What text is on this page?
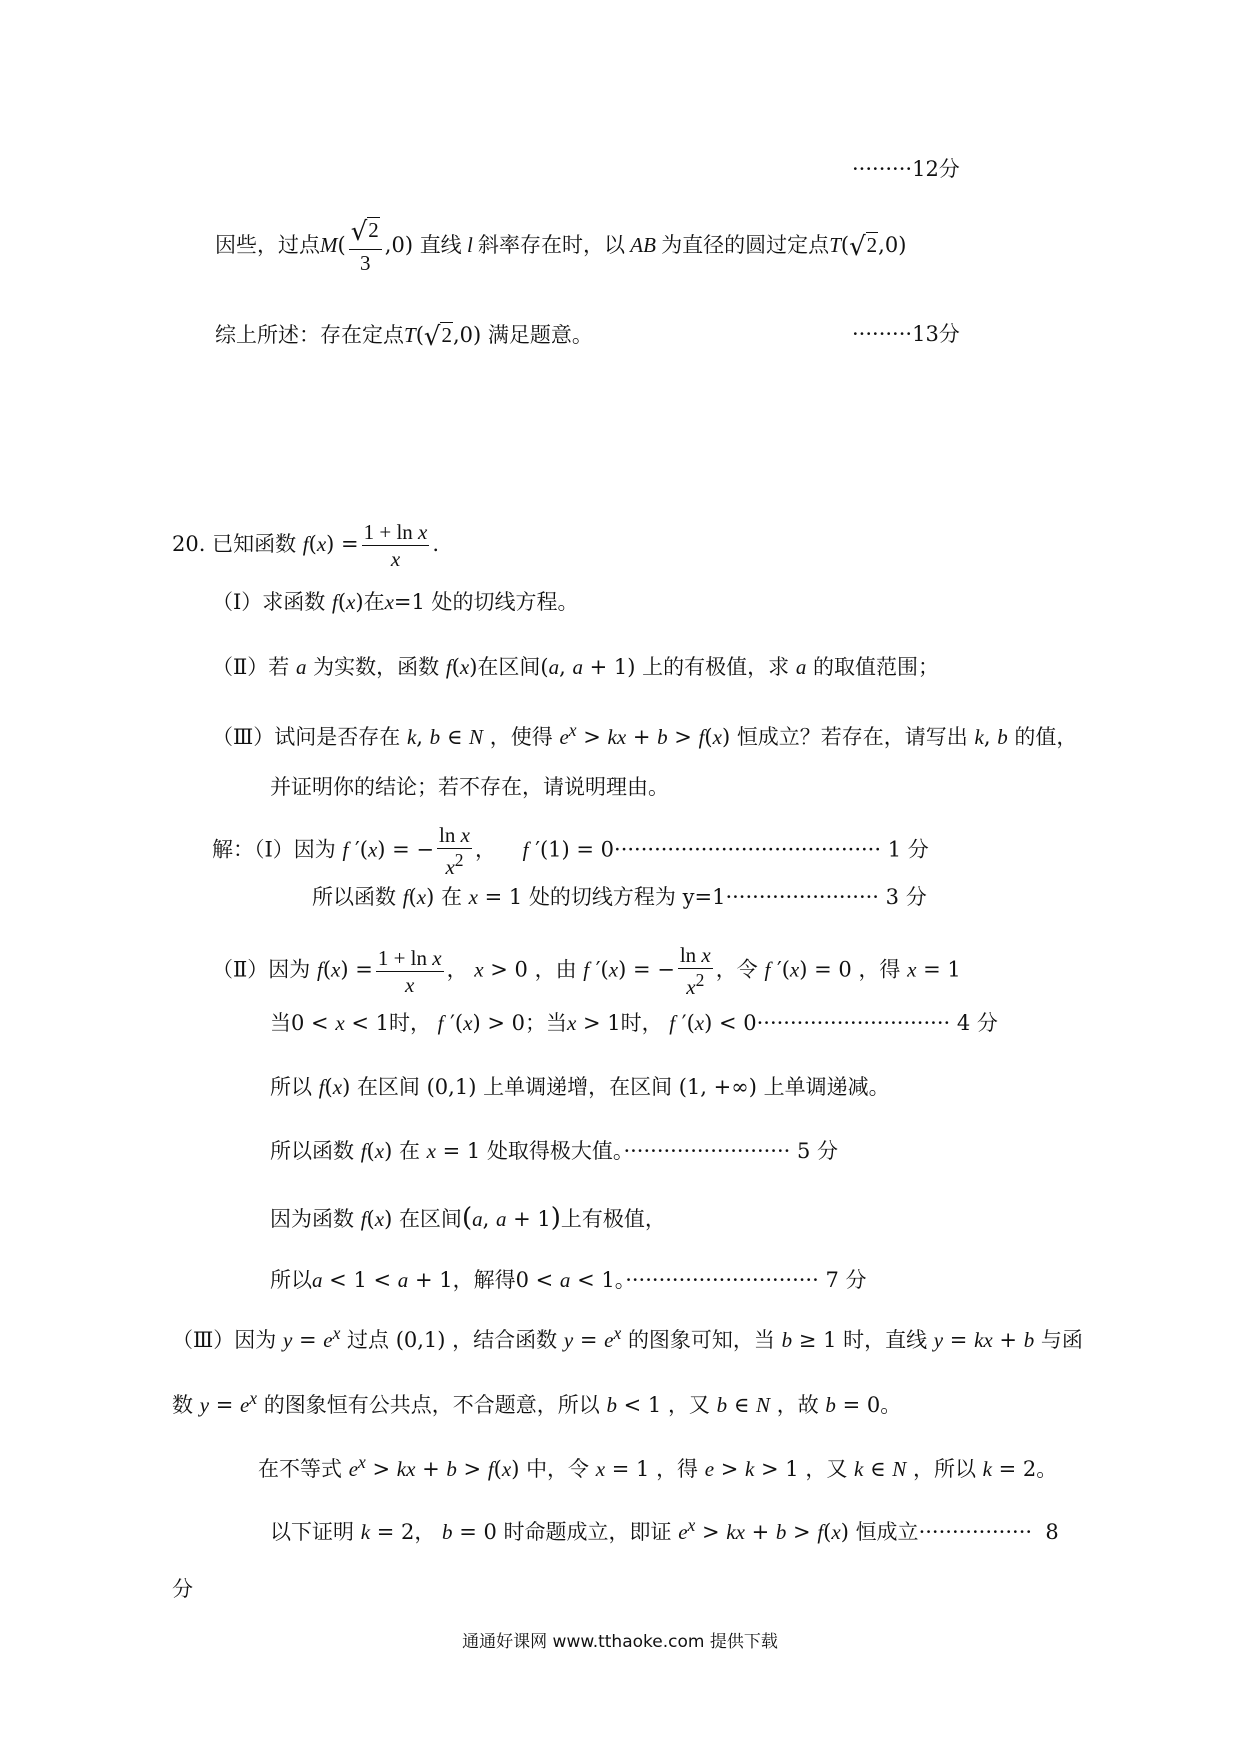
·········12分
因些，过点$M( \frac{√2}{3} ,0)$ 直线 l 斜率存在时，以 AB 为直径的圆过定点T(√2,0)
综上所述：存在定点T(√2,0) 满足题意。	·········13分
20. 已知函数 $f(x) = \frac{\text{1 + ln x}}{x}$ .
（Ⅰ）求函数 f(x)在x=1 处的切线方程。
（Ⅱ）若 a 为实数，函数 f(x)在区间(a, a + 1) 上的有极值，求 a 的取值范围；
（Ⅲ）试问是否存在 k, b ∈ N ，使得 $e^x$ > kx + b > f(x) 恒成立？若存在，请写出 k, b 的值，
并证明你的结论；若不存在，请说明理由。
解：（Ⅰ）因为 f ′(x) = − $\frac{\text{ln x}}{x^2}$ ，    f ′(1) = 0········································ 1 分
所以函数 f(x) 在 x = 1 处的切线方程为 y=1······················· 3 分
（Ⅱ）因为 $f(x) = \frac{\text{1 + ln x}}{x}$ ， x > 0 ，由 f ′(x) = − $\frac{\text{ln x}}{x^2}$ ，令 f ′(x) = 0 ，得 x = 1
当0 < x < 1时， f ′(x) > 0；当x > 1时， f ′(x) < 0····························· 4 分
所以 f(x) 在区间 (0,1) 上单调递增，在区间 (1, +∞) 上单调递减。
所以函数 f(x) 在 x = 1 处取得极大值。························· 5 分
因为函数 f(x) 在区间(a, a + 1)上有极值，
所以a < 1 < a + 1，解得0 < a < 1。····························· 7 分
（Ⅲ）因为 $y = e^x$ 过点 (0,1) ，结合函数 $y = e^x$ 的图象可知，当 b ≥ 1 时，直线 y = kx + b 与函
数 $y = e^x$ 的图象恒有公共点，不合题意，所以 b < 1 ，又 b ∈ N ，故 b = 0。
在不等式 $e^x$ > kx + b > f(x) 中，令 x = 1 ，得 e > k > 1 ，又 k ∈ N ，所以 k = 2。
以下证明 k = 2， b = 0 时命题成立，即证 $e^x$ > kx + b > f(x) 恒成立················· 8
分
通通好课网 www.tthaoke.com 提供下载
